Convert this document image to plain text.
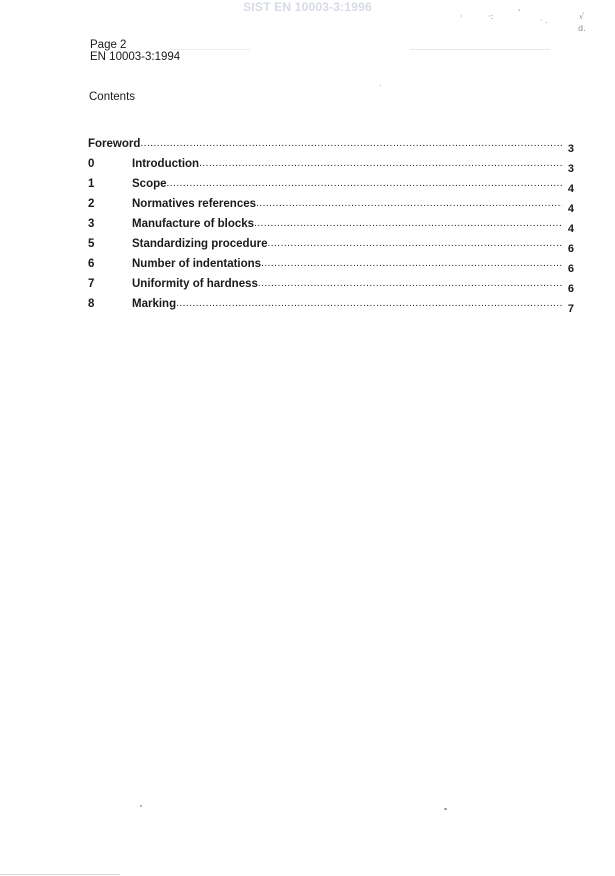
SIST EN 10003-3:1996
·	·:	'
· .	√
d.
Page 2
EN 10003-3:1994
Contents
Foreword .....	3
0	Introduction .....	3
1	Scope .....	4
2	Normatives references .....	4
3	Manufacture of blocks .....	4
5	Standardizing procedure .....	6
6	Number of indentations .....	6
7	Uniformity of hardness .....	6
8	Marking .....	7
